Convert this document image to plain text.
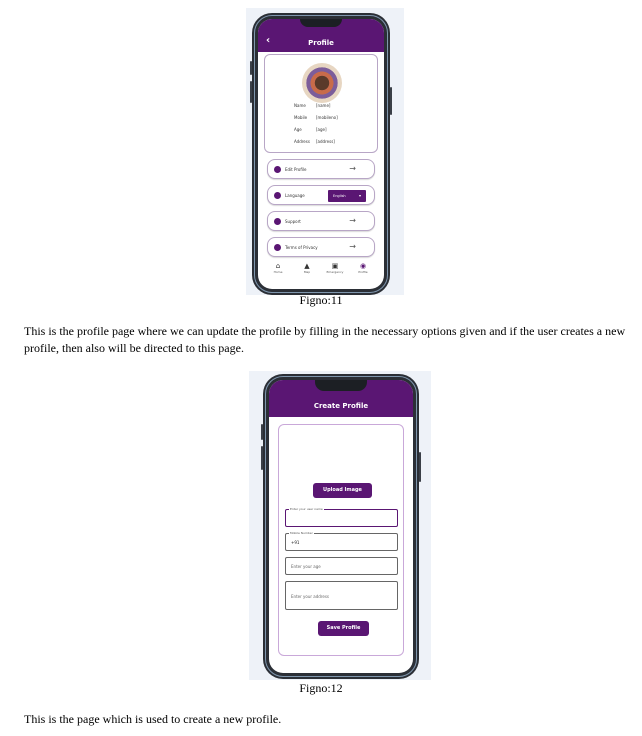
‹	Profile
Name	[name]
Mobile	[mobileno]
Age	[age]
Address	[address]
Edit Profile	→
Language	English	▾
Support	→
Terms of Privacy	→
⌂
Home
▲
Map
▣
Emergency
◉
Profile
Figno:11

This is the profile page where we can update the profile by filling in the necessary options given and if the user creates a new profile, then also will be directed to this page.

Create Profile
Upload Image
Enter your user name
Mobile Number
+91
Enter your age
Enter your address
Save Profile
Figno:12

This is the page which is used to create a new profile.
